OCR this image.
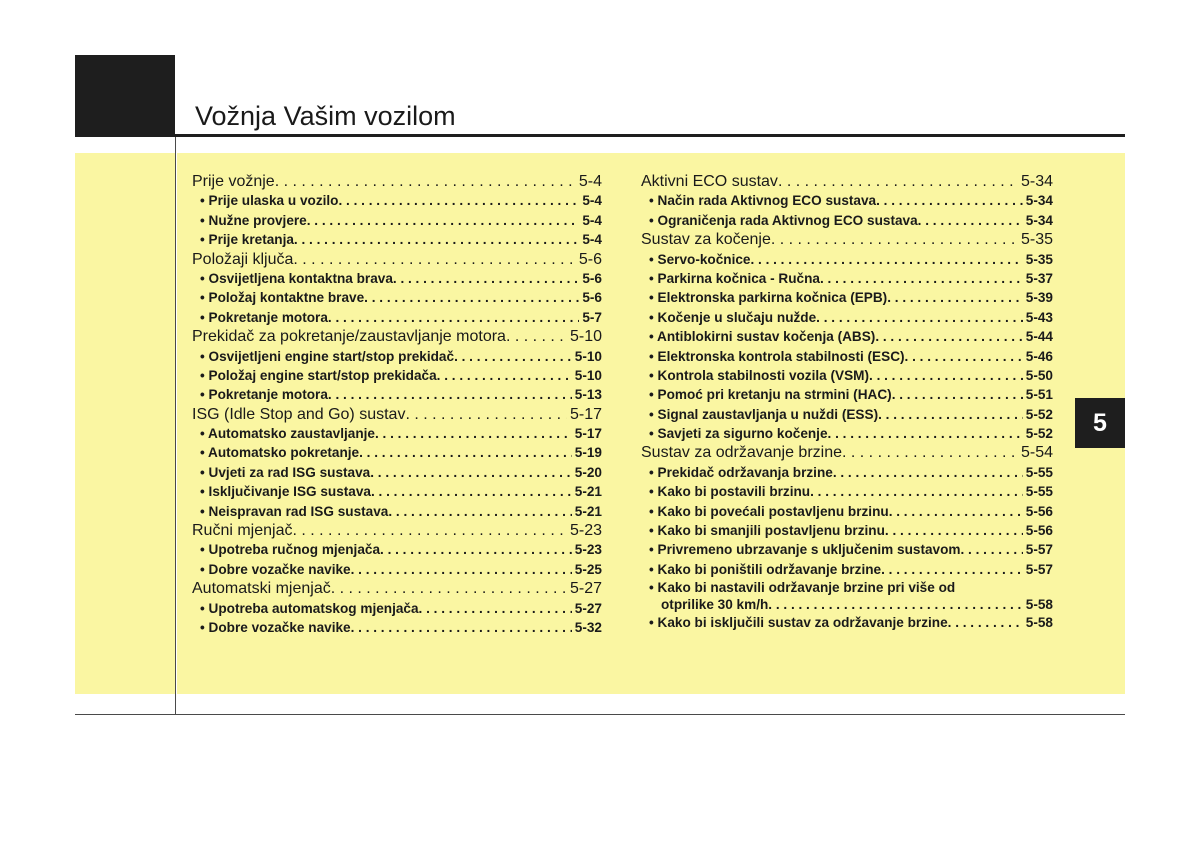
Vožnja Vašim vozilom
5
Prije vožnje . . .	5-4
• Prije ulaska u vozilo . . .	5-4
• Nužne provjere . . .	5-4
• Prije kretanja . . .	5-4
Položaji ključa . . .	5-6
• Osvijetljena kontaktna brava . . .	5-6
• Položaj kontaktne brave . . .	5-6
• Pokretanje motora . . .	5-7
Prekidač za pokretanje/zaustavljanje motora . . .	5-10
• Osvijetljeni engine start/stop prekidač . . .	5-10
• Položaj engine start/stop prekidača . . .	5-10
• Pokretanje motora . . .	5-13
ISG (Idle Stop and Go) sustav . . .	5-17
• Automatsko zaustavljanje . . .	5-17
• Automatsko pokretanje . . .	5-19
• Uvjeti za rad ISG sustava . . .	5-20
• Isključivanje ISG sustava . . .	5-21
• Neispravan rad ISG sustava . . .	5-21
Ručni mjenjač . . .	5-23
• Upotreba ručnog mjenjača . . .	5-23
• Dobre vozačke navike . . .	5-25
Automatski mjenjač . . .	5-27
• Upotreba automatskog mjenjača . . .	5-27
• Dobre vozačke navike . . .	5-32
Aktivni ECO sustav . . .	5-34
• Način rada Aktivnog ECO sustava . . .	5-34
• Ograničenja rada Aktivnog ECO sustava . . .	5-34
Sustav za kočenje . . .	5-35
• Servo-kočnice . . .	5-35
• Parkirna kočnica - Ručna . . .	5-37
• Elektronska parkirna kočnica (EPB) . . .	5-39
• Kočenje u slučaju nužde . . .	5-43
• Antiblokirni sustav kočenja (ABS) . . .	5-44
• Elektronska kontrola stabilnosti (ESC) . . .	5-46
• Kontrola stabilnosti vozila (VSM) . . .	5-50
• Pomoć pri kretanju na strmini (HAC) . . .	5-51
• Signal zaustavljanja u nuždi (ESS) . . .	5-52
• Savjeti za sigurno kočenje . . .	5-52
Sustav za održavanje brzine . . .	5-54
• Prekidač održavanja brzine . . .	5-55
• Kako bi postavili brzinu . . .	5-55
• Kako bi povećali postavljenu brzinu . . .	5-56
• Kako bi smanjili postavljenu brzinu . . .	5-56
• Privremeno ubrzavanje s uključenim sustavom . . .	5-57
• Kako bi poništili održavanje brzine . . .	5-57
• Kako bi nastavili održavanje brzine pri više od
otprilike 30 km/h . . .	5-58
• Kako bi isključili sustav za održavanje brzine . . .	5-58
